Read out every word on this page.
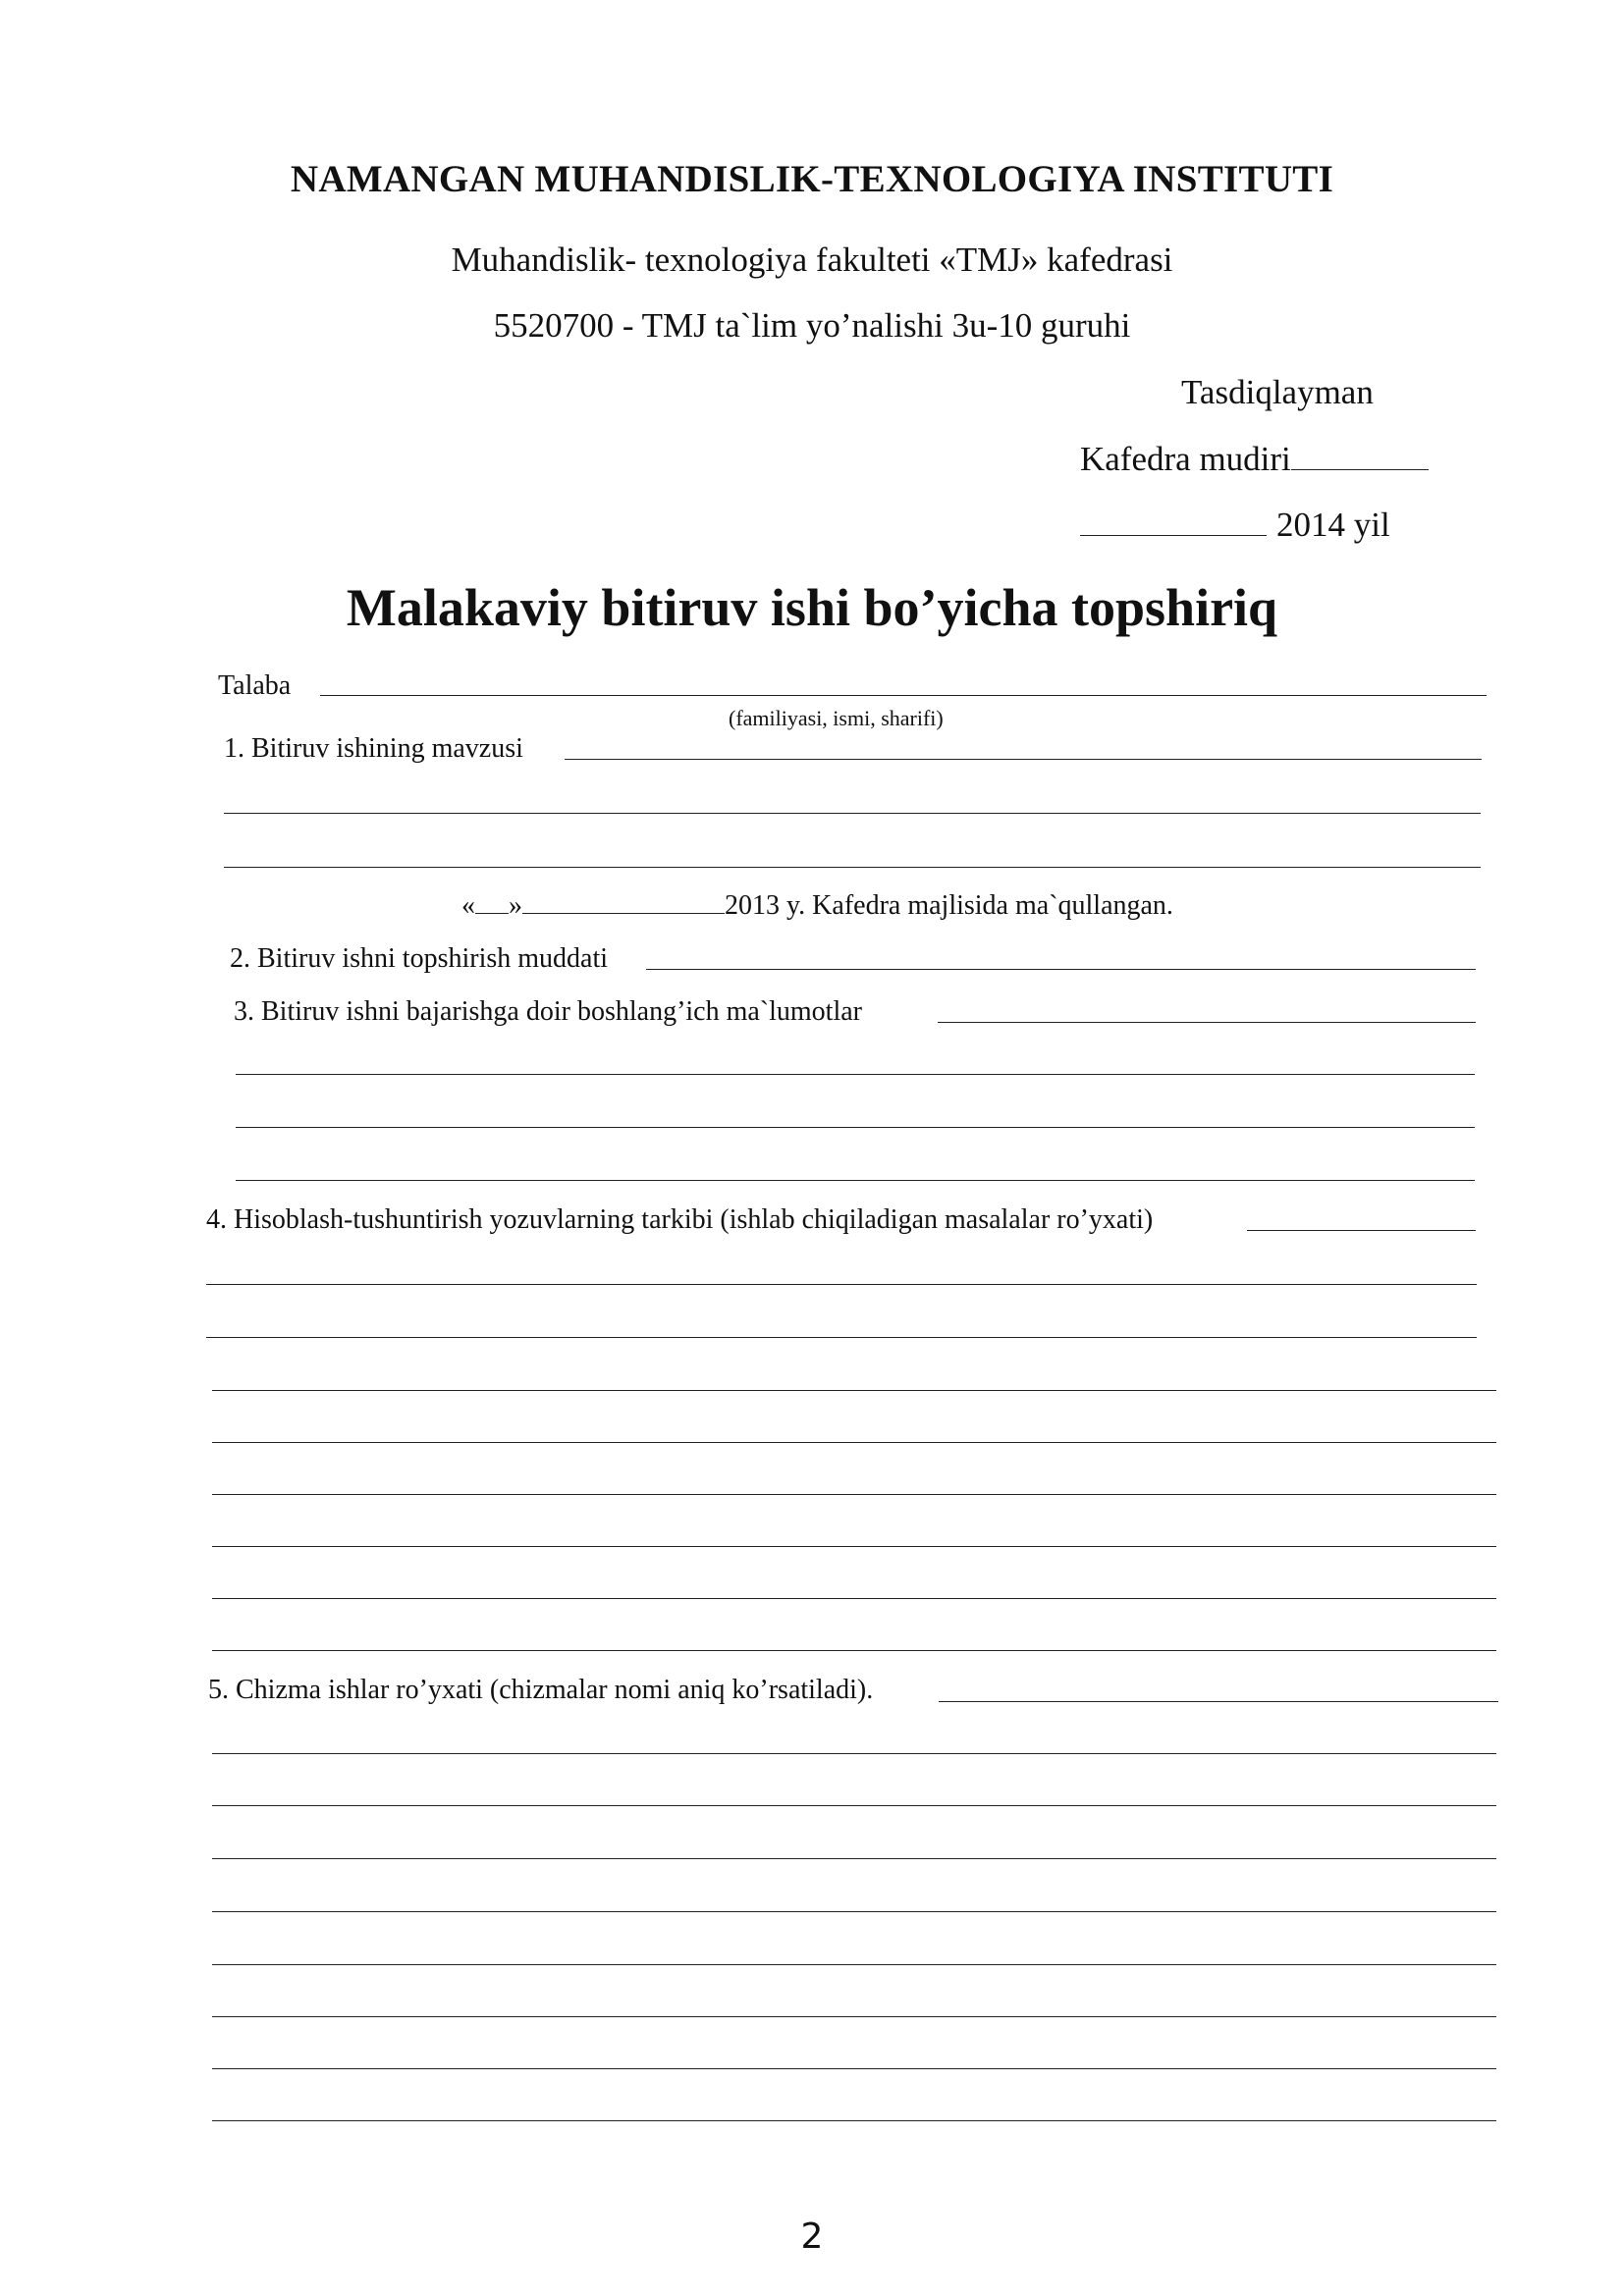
NAMANGAN MUHANDISLIK-TEXNOLOGIYA INSTITUTI
Muhandislik- texnologiya fakulteti «TMJ» kafedrasi
5520700 - TMJ ta`lim yo’nalishi 3u-10 guruhi
Tasdiqlayman
Kafedra mudiri
2014 yil
Malakaviy bitiruv ishi bo’yicha topshiriq
Talaba
(familiyasi, ismi, sharifi)
1. Bitiruv ishining mavzusi
« »	2013 y. Kafedra majlisida ma`qullangan.
2. Bitiruv ishni topshirish muddati
3. Bitiruv ishni bajarishga doir boshlang’ich ma`lumotlar
4. Hisoblash-tushuntirish yozuvlarning tarkibi (ishlab chiqiladigan masalalar ro’yxati)
5. Chizma ishlar ro’yxati (chizmalar nomi aniq ko’rsatiladi).
2
